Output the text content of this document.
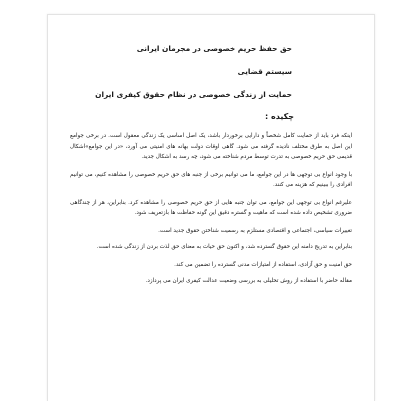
حق حفظ حریم خصوصی در مجرمان ایرانی
سیستم قضایی
حمایت از زندگی خصوصی در نظام حقوق کیفری ایران
چکیده :

اینکه فرد باید از حمایت کامل شخصاً و دارایی برخوردار باشد، یک اصل اساسی یک زندگی معقول است. در برخی جوامع این اصل به طرق مختلف نادیده گرفته می شود. گاهی اوقات دولت بهانه های امنیتی می آورد، «در این جوامع»اشکال قدیمی حق حریم خصوصی به تدرت توسط مردم شناخته می شود، چه رسد به اشکال جدید.

با وجود انواع بی توجهی ها در این جوامع، ما می توانیم برخی از جنبه های حق حریم خصوصی را مشاهده کنیم، می توانیم افرادی را ببینیم که هزینه می کنند.

علیرغم انواع بی توجهی این جوامع، می توان جنبه هایی از حق حریم خصوصی را مشاهده کرد. بنابراین، هر از چندگاهی ضروری تشخیص داده شده است که ماهیت و گستره دقیق این گونه حفاظت ها بازتعریف شود.

تغییرات سیاسی، اجتماعی و اقتصادی مستلزم به رسمیت شناختن حقوق جدید است.

بنابراین به تدریج دامنه این حقوق گسترده شد، و اکنون حق حیات به معنای حق لذت بردن از زندگی شده است.

حق امنیت و حق آزادی، استفاده از امتیازات مدنی گسترده را تضمین می کند.

مقاله حاضر با استفاده از روش تحلیلی به بررسی وضعیت عدالت کیفری ایران می پردازد.
